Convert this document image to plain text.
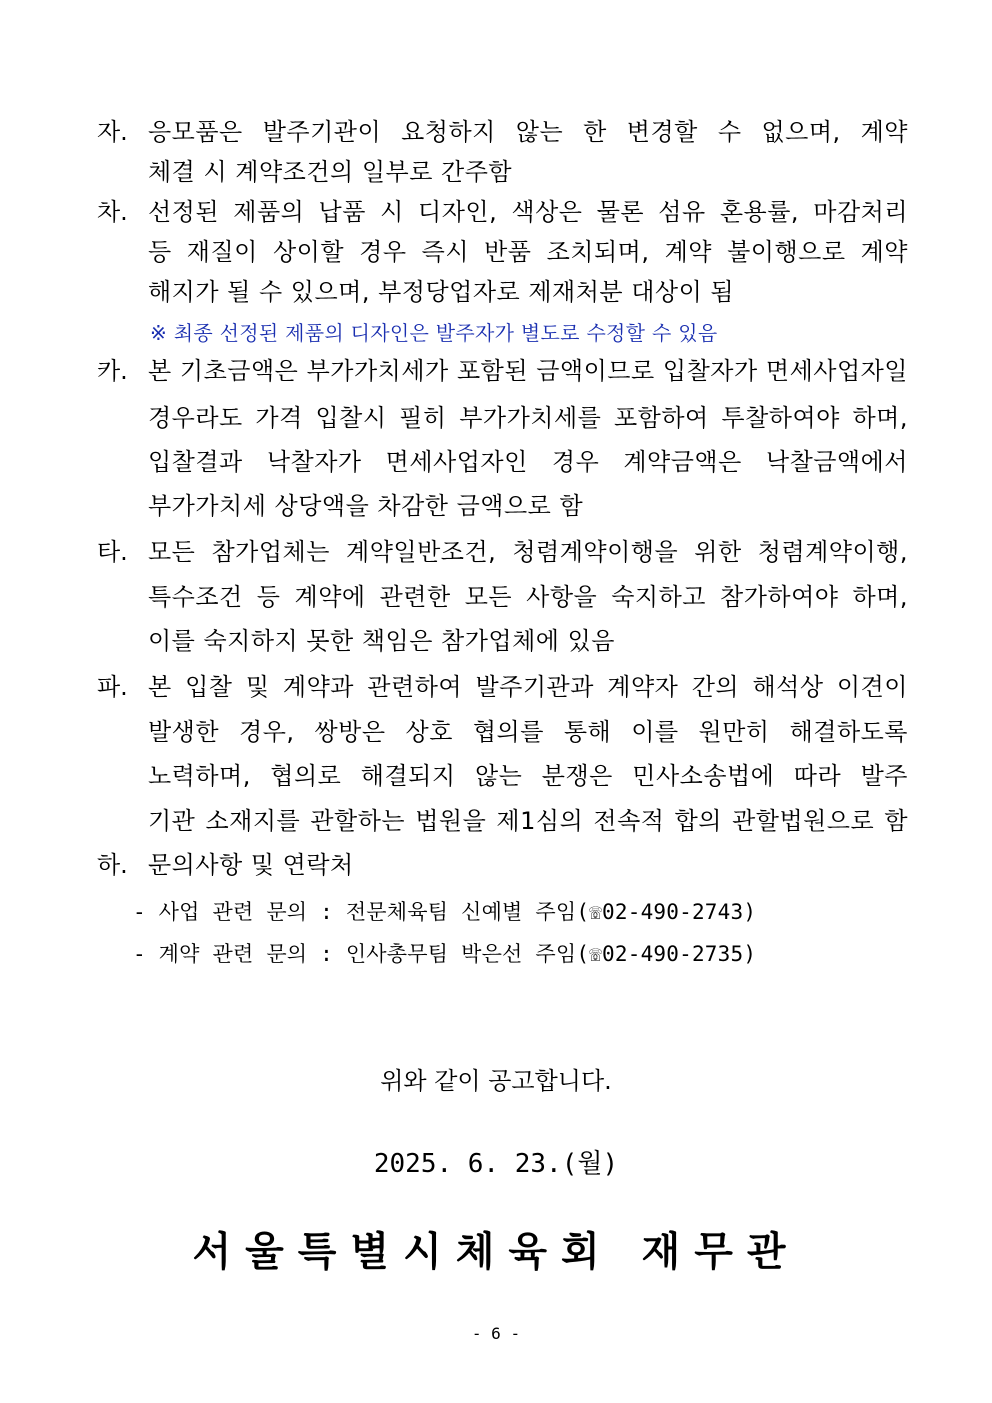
자. 응모품은 발주기관이 요청하지 않는 한 변경할 수 없으며, 계약
체결 시 계약조건의 일부로 간주함
차. 선정된 제품의 납품 시 디자인, 색상은 물론 섬유 혼용률, 마감처리
등 재질이 상이할 경우 즉시 반품 조치되며, 계약 불이행으로 계약
해지가 될 수 있으며, 부정당업자로 제재처분 대상이 됨
※ 최종 선정된 제품의 디자인은 발주자가 별도로 수정할 수 있음
카. 본 기초금액은 부가가치세가 포함된 금액이므로 입찰자가 면세사업자일
경우라도 가격 입찰시 필히 부가가치세를 포함하여 투찰하여야 하며,
입찰결과 낙찰자가 면세사업자인 경우 계약금액은 낙찰금액에서
부가가치세 상당액을 차감한 금액으로 함
타. 모든 참가업체는 계약일반조건, 청렴계약이행을 위한 청렴계약이행,
특수조건 등 계약에 관련한 모든 사항을 숙지하고 참가하여야 하며,
이를 숙지하지 못한 책임은 참가업체에 있음
파. 본 입찰 및 계약과 관련하여 발주기관과 계약자 간의 해석상 이견이
발생한 경우, 쌍방은 상호 협의를 통해 이를 원만히 해결하도록
노력하며, 협의로 해결되지 않는 분쟁은 민사소송법에 따라 발주
기관 소재지를 관할하는 법원을 제1심의 전속적 합의 관할법원으로 함
하. 문의사항 및 연락처
- 사업 관련 문의 : 전문체육팀 신예별 주임(☏02-490-2743)
- 계약 관련 문의 : 인사총무팀 박은선 주임(☏02-490-2735)
위와 같이 공고합니다.
2025. 6. 23.(월)
서울특별시체육회 재무관
- 6 -
